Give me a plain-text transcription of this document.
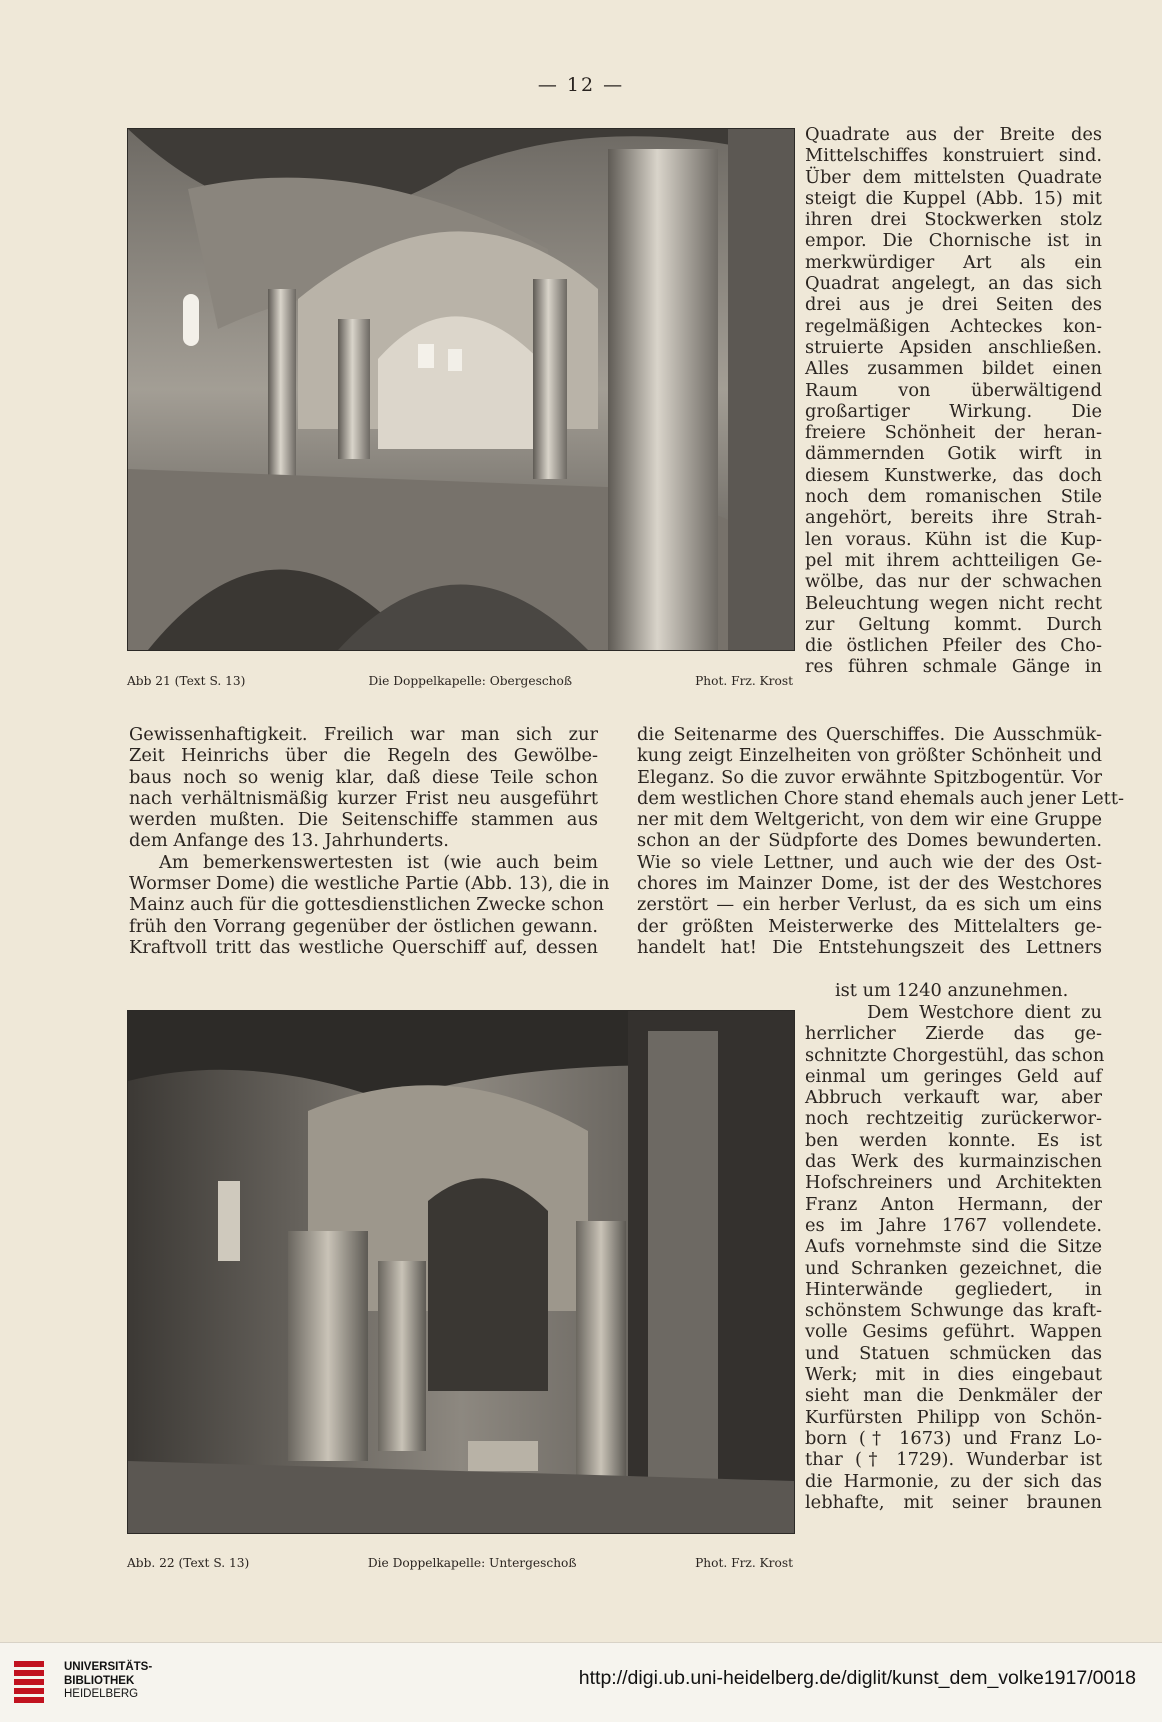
— 12 —
Abb 21 (Text S. 13)	Die Doppelkapelle: Obergeschoß	Phot. Frz. Krost
Abb. 22 (Text S. 13)	Die Doppelkapelle: Untergeschoß	Phot. Frz. Krost
Quadrate aus der Breite des
Mittelschiffes konstruiert sind.
Über dem mittelsten Quadrate
steigt die Kuppel (Abb. 15) mit
ihren drei Stockwerken stolz
empor. Die Chornische ist in
merkwürdiger Art als ein
Quadrat angelegt, an das sich
drei aus je drei Seiten des
regelmäßigen Achteckes kon-
struierte Apsiden anschließen.
Alles zusammen bildet einen
Raum von überwältigend
großartiger Wirkung. Die
freiere Schönheit der heran-
dämmernden Gotik wirft in
diesem Kunstwerke, das doch
noch dem romanischen Stile
angehört, bereits ihre Strah-
len voraus. Kühn ist die Kup-
pel mit ihrem achtteiligen Ge-
wölbe, das nur der schwachen
Beleuchtung wegen nicht recht
zur Geltung kommt. Durch
die östlichen Pfeiler des Cho-
res führen schmale Gänge in
Gewissenhaftigkeit. Freilich war man sich zur
Zeit Heinrichs über die Regeln des Gewölbe-
baus noch so wenig klar, daß diese Teile schon
nach verhältnismäßig kurzer Frist neu ausgeführt
werden mußten. Die Seitenschiffe stammen aus
dem Anfange des 13. Jahrhunderts.
Am bemerkenswertesten ist (wie auch beim
Wormser Dome) die westliche Partie (Abb. 13), die in
Mainz auch für die gottesdienstlichen Zwecke schon
früh den Vorrang gegenüber der östlichen gewann.
Kraftvoll tritt das westliche Querschiff auf, dessen
die Seitenarme des Querschiffes. Die Ausschmük-
kung zeigt Einzelheiten von größter Schönheit und
Eleganz. So die zuvor erwähnte Spitzbogentür. Vor
dem westlichen Chore stand ehemals auch jener Lett-
ner mit dem Weltgericht, von dem wir eine Gruppe
schon an der Südpforte des Domes bewunderten.
Wie so viele Lettner, und auch wie der des Ost-
chores im Mainzer Dome, ist der des Westchores
zerstört — ein herber Verlust, da es sich um eins
der größten Meisterwerke des Mittelalters ge-
handelt hat! Die Entstehungszeit des Lettners
ist um 1240 anzunehmen.
Dem Westchore dient zu
herrlicher Zierde das ge-
schnitzte Chorgestühl, das schon
einmal um geringes Geld auf
Abbruch verkauft war, aber
noch rechtzeitig zurückerwor-
ben werden konnte. Es ist
das Werk des kurmainzischen
Hofschreiners und Architekten
Franz Anton Hermann, der
es im Jahre 1767 vollendete.
Aufs vornehmste sind die Sitze
und Schranken gezeichnet, die
Hinterwände gegliedert, in
schönstem Schwunge das kraft-
volle Gesims geführt. Wappen
und Statuen schmücken das
Werk; mit in dies eingebaut
sieht man die Denkmäler der
Kurfürsten Philipp von Schön-
born († 1673) und Franz Lo-
thar († 1729). Wunderbar ist
die Harmonie, zu der sich das
lebhafte, mit seiner braunen
UNIVERSITÄTS-
BIBLIOTHEK
HEIDELBERG
http://digi.ub.uni-heidelberg.de/diglit/kunst_dem_volke1917/0018
